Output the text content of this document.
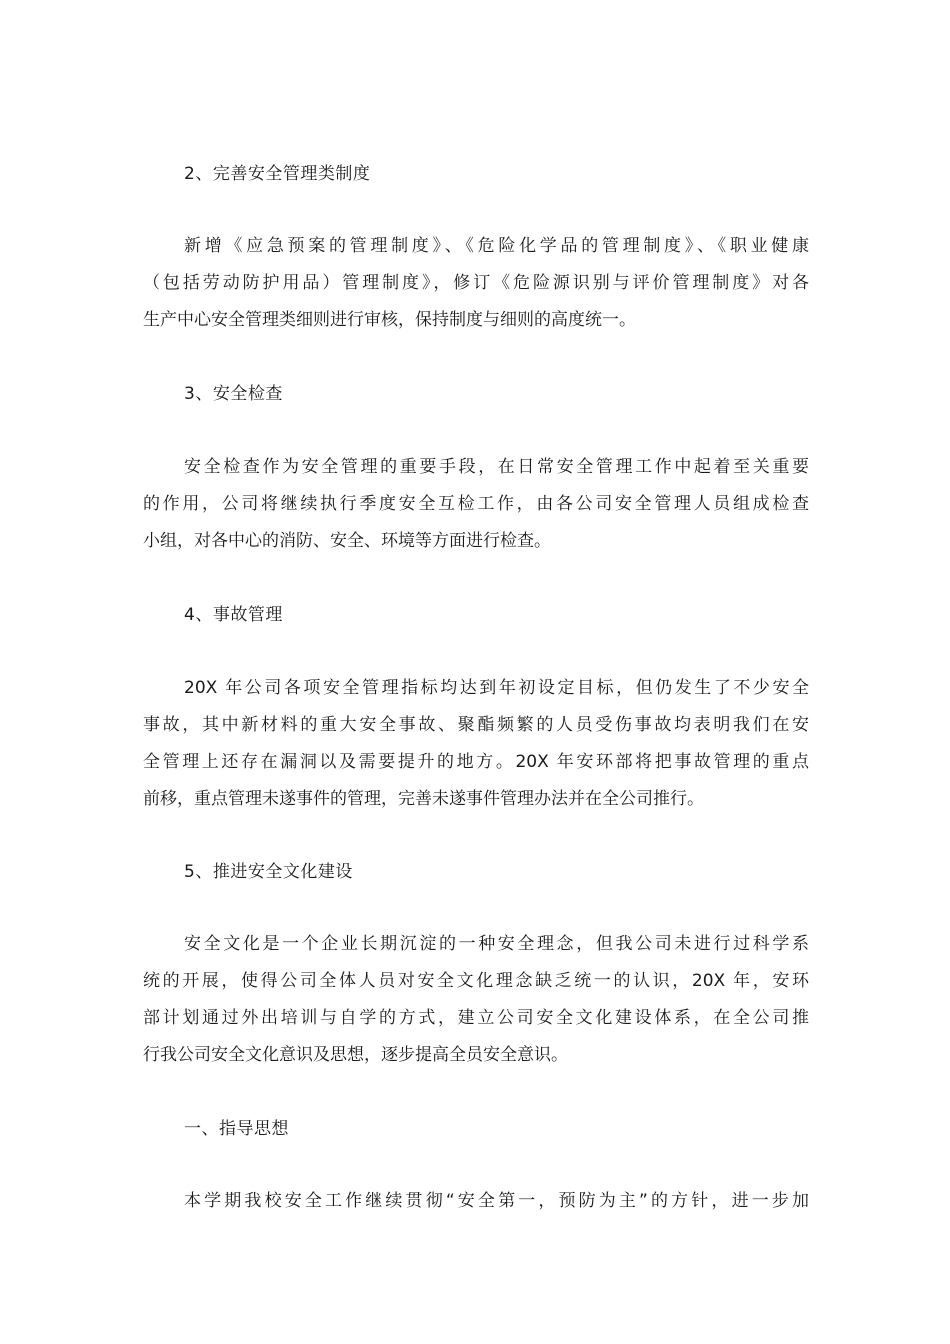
2、完善安全管理类制度
新增《应急预案的管理制度》、《危险化学品的管理制度》、《职业健康
（包括劳动防护用品）管理制度》，修订《危险源识别与评价管理制度》对各
生产中心安全管理类细则进行审核，保持制度与细则的高度统一。
3、安全检查
安全检查作为安全管理的重要手段，在日常安全管理工作中起着至关重要
的作用，公司将继续执行季度安全互检工作，由各公司安全管理人员组成检查
小组，对各中心的消防、安全、环境等方面进行检查。
4、事故管理
20X 年公司各项安全管理指标均达到年初设定目标，但仍发生了不少安全
事故，其中新材料的重大安全事故、聚酯频繁的人员受伤事故均表明我们在安
全管理上还存在漏洞以及需要提升的地方。20X 年安环部将把事故管理的重点
前移，重点管理未遂事件的管理，完善未遂事件管理办法并在全公司推行。
5、推进安全文化建设
安全文化是一个企业长期沉淀的一种安全理念，但我公司未进行过科学系
统的开展，使得公司全体人员对安全文化理念缺乏统一的认识，20X 年，安环
部计划通过外出培训与自学的方式，建立公司安全文化建设体系，在全公司推
行我公司安全文化意识及思想，逐步提高全员安全意识。
一、指导思想
本学期我校安全工作继续贯彻“安全第一，预防为主”的方针，进一步加
